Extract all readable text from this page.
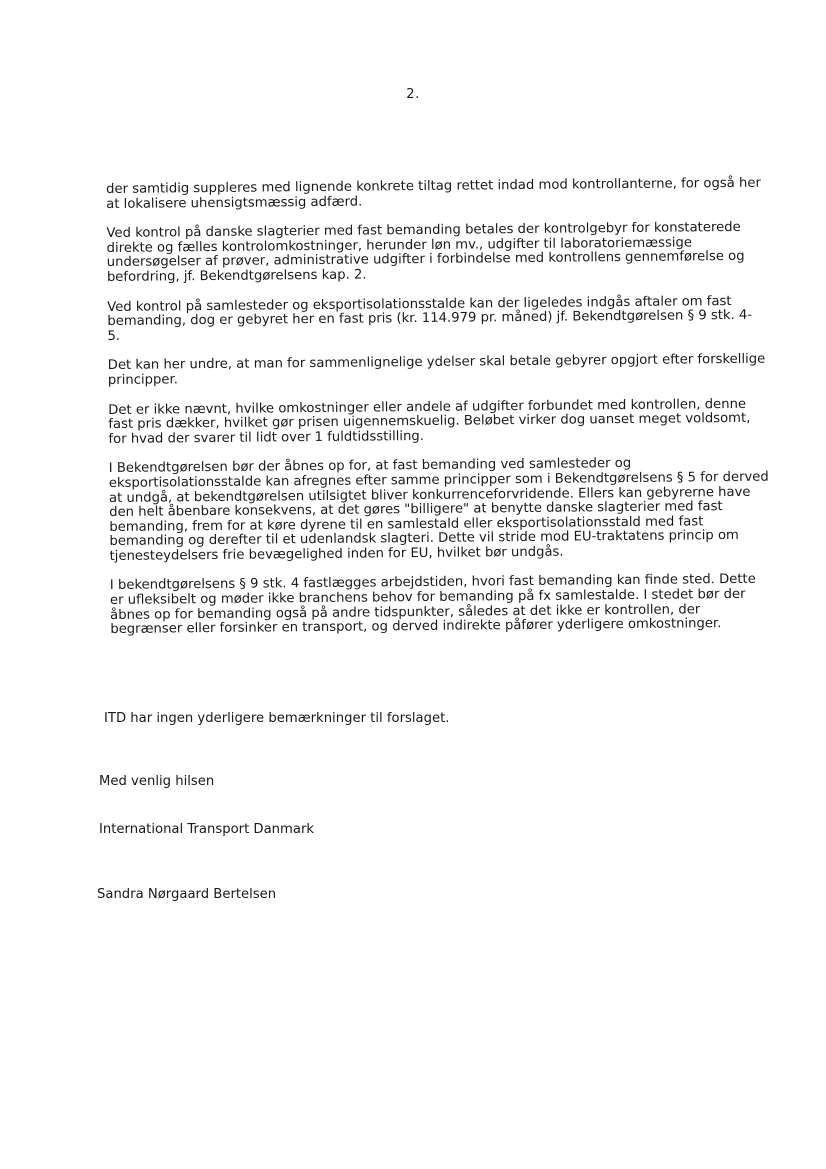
2.

der samtidig suppleres med lignende konkrete tiltag rettet indad mod kontrollanterne, for også her
at lokalisere uhensigtsmæssig adfærd.

Ved kontrol på danske slagterier med fast bemanding betales der kontrolgebyr for konstaterede
direkte og fælles kontrolomkostninger, herunder løn mv., udgifter til laboratoriemæssige
undersøgelser af prøver, administrative udgifter i forbindelse med kontrollens gennemførelse og
befordring, jf. Bekendtgørelsens kap. 2.

Ved kontrol på samlesteder og eksportisolationsstalde kan der ligeledes indgås aftaler om fast
bemanding, dog er gebyret her en fast pris (kr. 114.979 pr. måned) jf. Bekendtgørelsen § 9 stk. 4-
5.

Det kan her undre, at man for sammenlignelige ydelser skal betale gebyrer opgjort efter forskellige
principper.

Det er ikke nævnt, hvilke omkostninger eller andele af udgifter forbundet med kontrollen, denne
fast pris dækker, hvilket gør prisen uigennemskuelig. Beløbet virker dog uanset meget voldsomt,
for hvad der svarer til lidt over 1 fuldtidsstilling.

I Bekendtgørelsen bør der åbnes op for, at fast bemanding ved samlesteder og
eksportisolationsstalde kan afregnes efter samme principper som i Bekendtgørelsens § 5 for derved
at undgå, at bekendtgørelsen utilsigtet bliver konkurrenceforvridende. Ellers kan gebyrerne have
den helt åbenbare konsekvens, at det gøres "billigere" at benytte danske slagterier med fast
bemanding, frem for at køre dyrene til en samlestald eller eksportisolationsstald med fast
bemanding og derefter til et udenlandsk slagteri. Dette vil stride mod EU-traktatens princip om
tjenesteydelsers frie bevægelighed inden for EU, hvilket bør undgås.

I bekendtgørelsens § 9 stk. 4 fastlægges arbejdstiden, hvori fast bemanding kan finde sted. Dette
er ufleksibelt og møder ikke branchens behov for bemanding på fx samlestalde. I stedet bør der
åbnes op for bemanding også på andre tidspunkter, således at det ikke er kontrollen, der
begrænser eller forsinker en transport, og derved indirekte påfører yderligere omkostninger.

ITD har ingen yderligere bemærkninger til forslaget.
Med venlig hilsen
International Transport Danmark
Sandra Nørgaard Bertelsen
